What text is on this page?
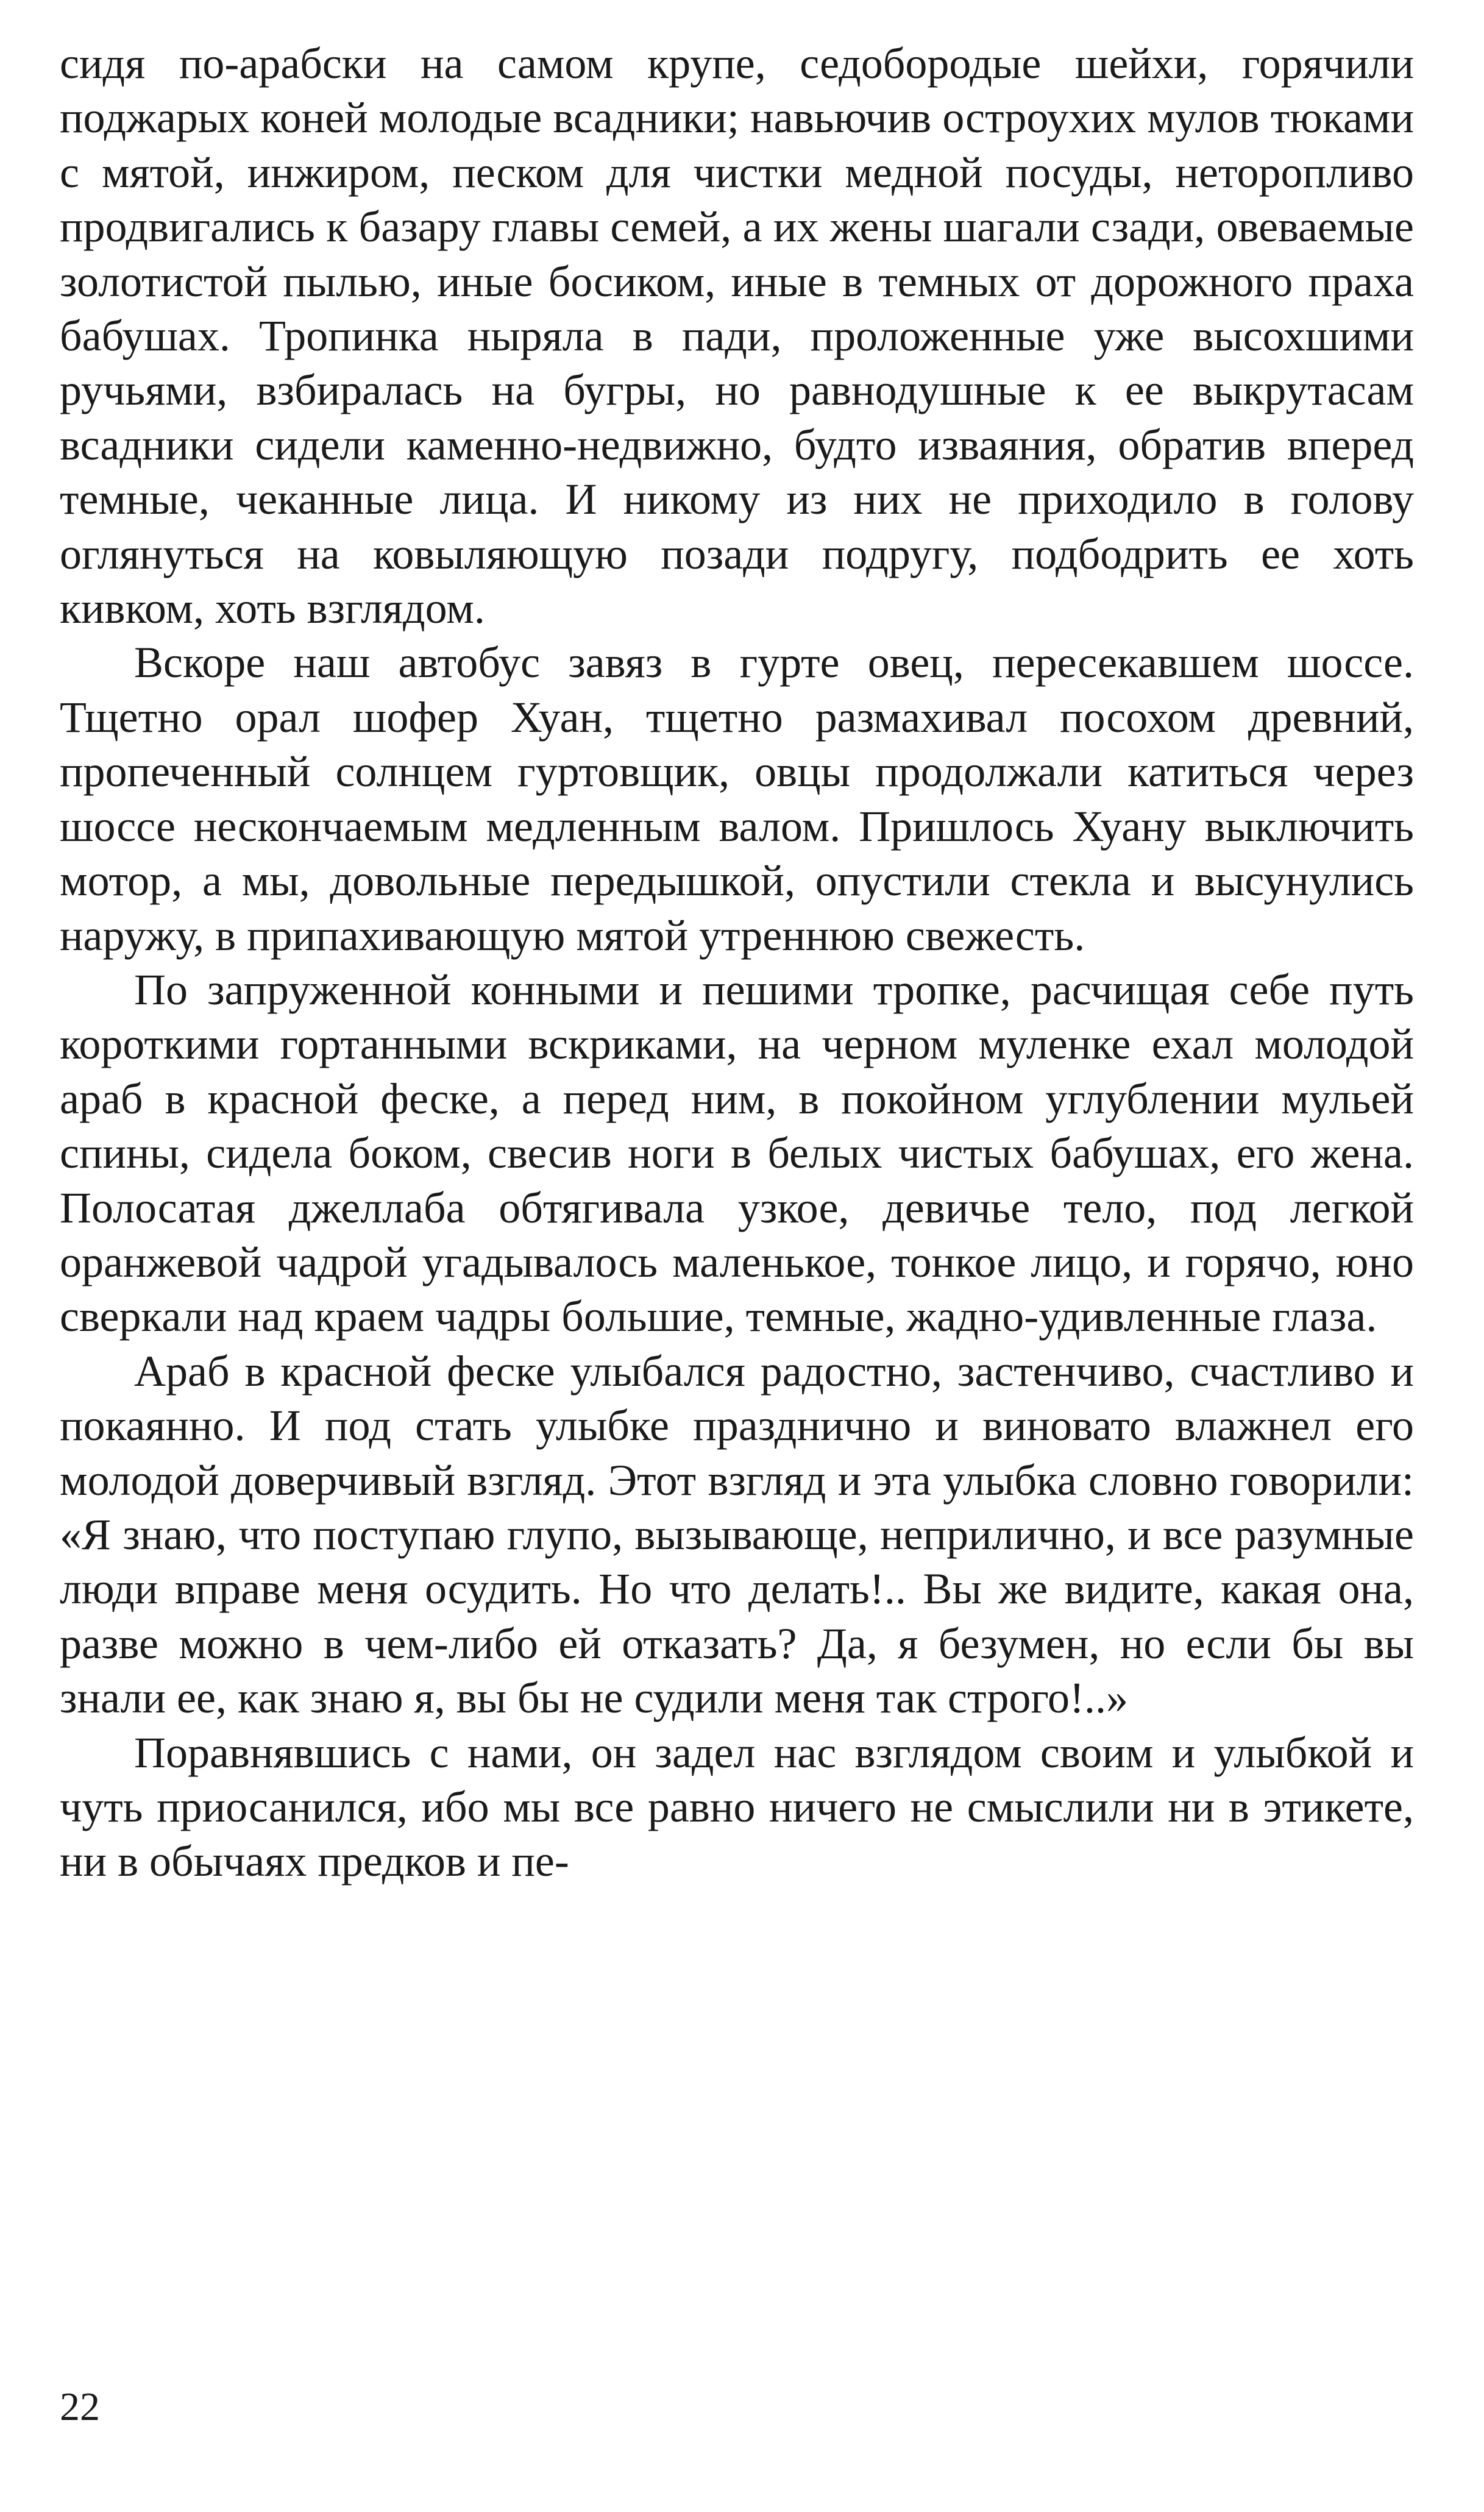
сидя по-арабски на самом крупе, седобородые шейхи, горячили поджарых коней молодые всадники; навьючив остроухих мулов тюками с мятой, инжиром, песком для чистки медной посуды, неторопливо продвигались к базару главы семей, а их жены шагали сзади, овеваемые золотистой пылью, иные босиком, иные в темных от дорожного праха бабушах. Тропинка ныряла в пади, проложенные уже высохшими ручьями, взбиралась на бугры, но равнодушные к ее выкрутасам всадники сидели каменно-недвижно, будто изваяния, обратив вперед темные, чеканные лица. И никому из них не приходило в голову оглянуться на ковыляющую позади подругу, подбодрить ее хоть кивком, хоть взглядом.

Вскоре наш автобус завяз в гурте овец, пересекавшем шоссе. Тщетно орал шофер Хуан, тщетно размахивал посохом древний, пропеченный солнцем гуртовщик, овцы продолжали катиться через шоссе нескончаемым медленным валом. Пришлось Хуану выключить мотор, а мы, довольные передышкой, опустили стекла и высунулись наружу, в припахивающую мятой утреннюю свежесть.

По запруженной конными и пешими тропке, расчищая себе путь короткими гортанными вскриками, на черном муленке ехал молодой араб в красной феске, а перед ним, в покойном углублении мульей спины, сидела боком, свесив ноги в белых чистых бабушах, его жена. Полосатая джеллаба обтягивала узкое, девичье тело, под легкой оранжевой чадрой угадывалось маленькое, тонкое лицо, и горячо, юно сверкали над краем чадры большие, темные, жадно-удивленные глаза.

Араб в красной феске улыбался радостно, застенчиво, счастливо и покаянно. И под стать улыбке празднично и виновато влажнел его молодой доверчивый взгляд. Этот взгляд и эта улыбка словно говорили: «Я знаю, что поступаю глупо, вызывающе, неприлично, и все разумные люди вправе меня осудить. Но что делать!.. Вы же видите, какая она, разве можно в чем-либо ей отказать? Да, я безумен, но если бы вы знали ее, как знаю я, вы бы не судили меня так строго!..»

Поравнявшись с нами, он задел нас взглядом своим и улыбкой и чуть приосанился, ибо мы все равно ничего не смыслили ни в этикете, ни в обычаях предков и пе-

22
